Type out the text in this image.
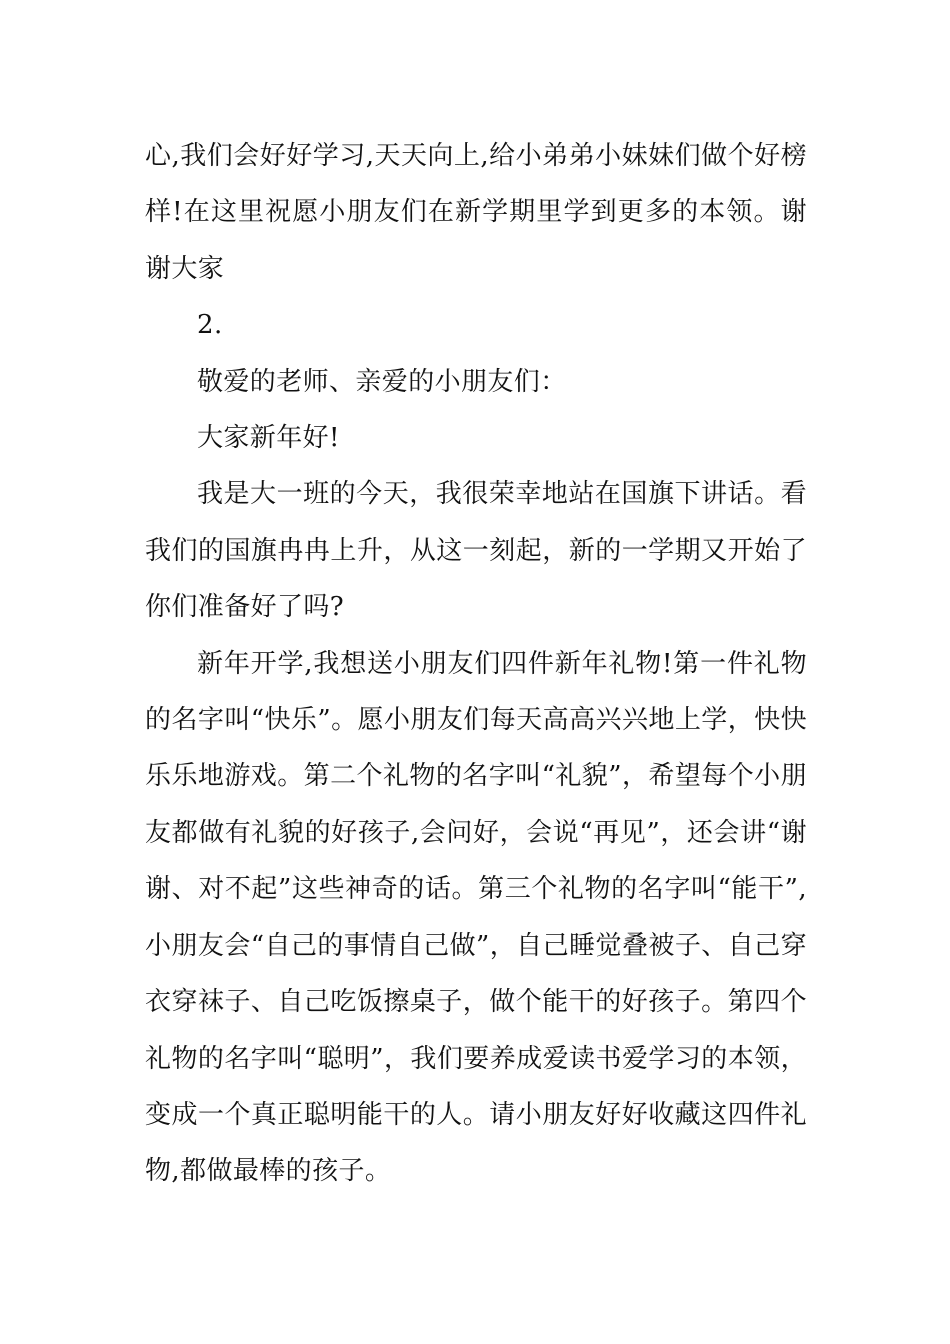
心,我们会好好学习,天天向上,给小弟弟小妹妹们做个好榜样!在这里祝愿小朋友们在新学期里学到更多的本领。谢谢大家

2.

敬爱的老师、亲爱的小朋友们：

大家新年好!

我是大一班的今天，我很荣幸地站在国旗下讲话。看我们的国旗冉冉上升，从这一刻起，新的一学期又开始了你们准备好了吗?

新年开学,我想送小朋友们四件新年礼物!第一件礼物的名字叫“快乐”。愿小朋友们每天高高兴兴地上学，快快乐乐地游戏。第二个礼物的名字叫“礼貌”，希望每个小朋友都做有礼貌的好孩子,会问好，会说“再见”，还会讲“谢谢、对不起”这些神奇的话。第三个礼物的名字叫“能干”,小朋友会“自己的事情自己做”，自己睡觉叠被子、自己穿衣穿袜子、自己吃饭擦桌子，做个能干的好孩子。第四个礼物的名字叫“聪明”，我们要养成爱读书爱学习的本领，变成一个真正聪明能干的人。请小朋友好好收藏这四件礼物,都做最棒的孩子。
